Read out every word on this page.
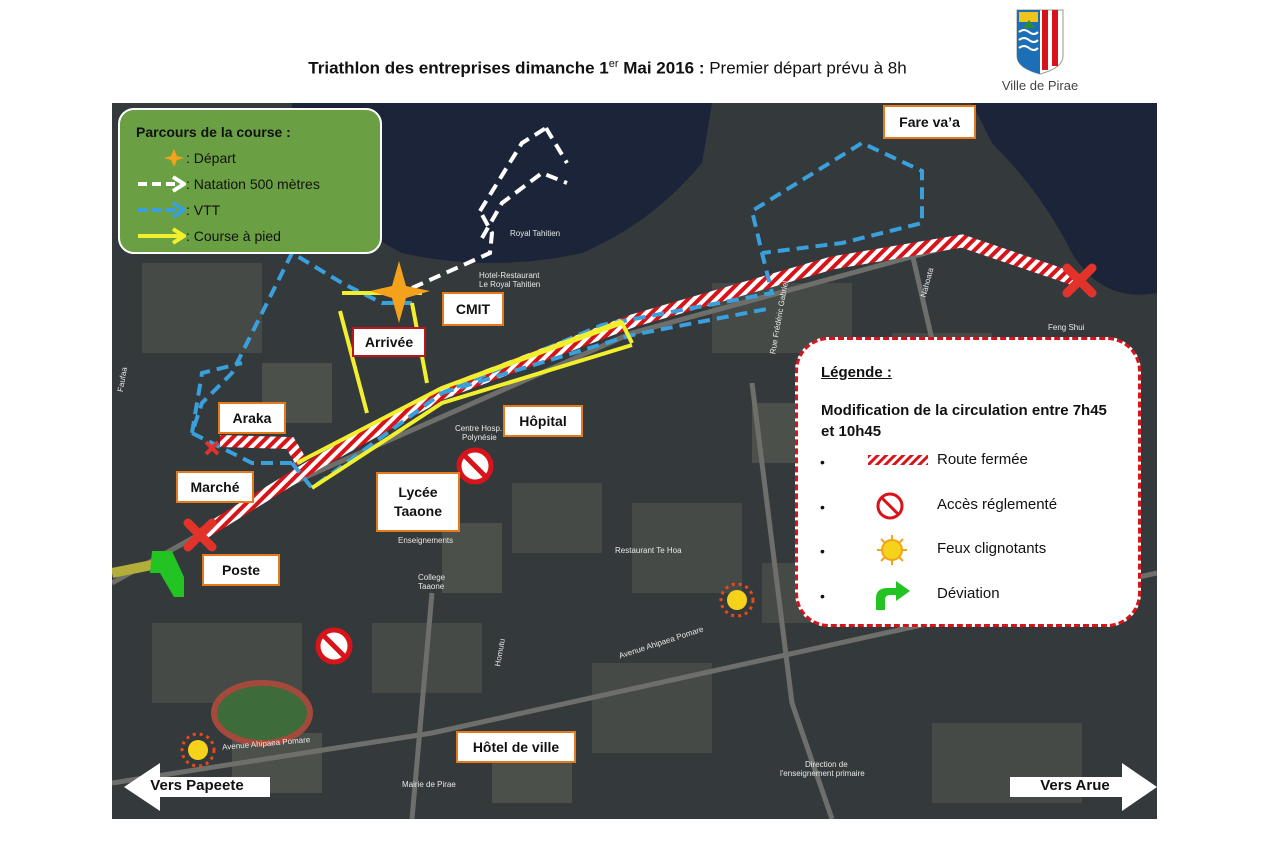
Triathlon des entreprises dimanche 1er Mai 2016 : Premier départ prévu à 8h
Ville de Pirae
Royal Tahitien
Hotel-Restaurant
Le Royal Tahitien
Centre Hosp.
Polynésie
Feng Shui
Restaurant Te Hoa
College
Taaone
Mairie de Pirae
Direction de
l'enseignement primaire
Enseignements
Avenue Ahipaea Pomare
Avenue Ahipaea Pomare
Rue Frédéric Gabriel	Nahoata
Faufaa
Homutu
Parcours de la course :
: Départ
: Natation 500 mètres
: VTT
: Course à pied
Fare va’a
CMIT
Arrivée
Araka	Hôpital
Marché	Lycée Taaone
Poste
Hôtel de ville
Vers Papeete	Vers Arue
Légende :
Modification de la circulation entre 7h45 et 10h45
•	Route fermée
•	Accès réglementé
•	Feux clignotants
•	Déviation
